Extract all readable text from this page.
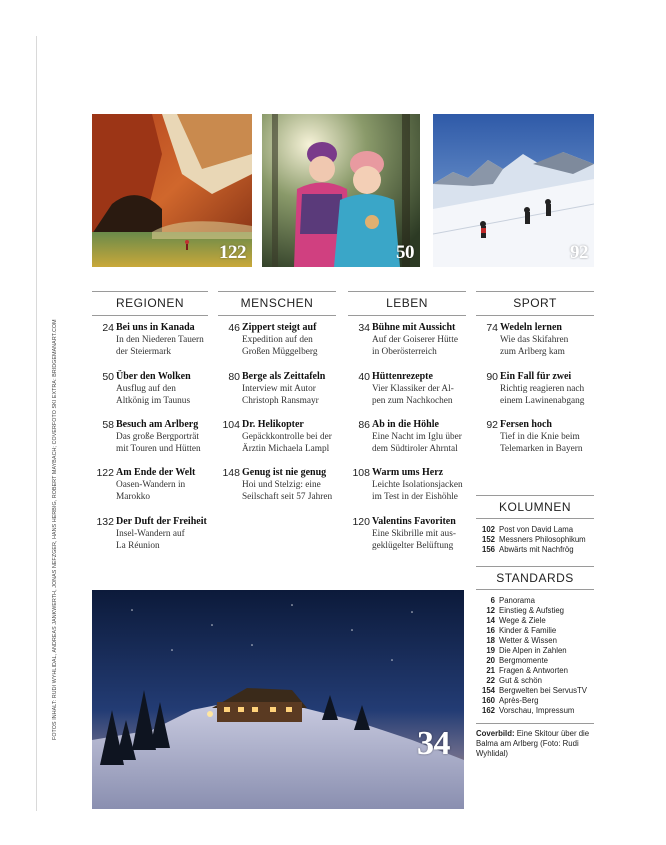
FOTOS INHALT: RUDI WYHLIDAL, ANDREAS JANKWERTH, JONAS NEFZGER, HANS HERBIG, ROBERT MAYBACH; COVERFOTO SKI EXTRA: BRIDGEMANART.COM
122	50	92
34
REGIONEN
24 Bei uns in Kanada
In den Niederen Tauern
der Steiermark
50 Über den Wolken
Ausflug auf den
Altkönig im Taunus
58 Besuch am Arlberg
Das große Bergporträt
mit Touren und Hütten
122 Am Ende der Welt
Oasen-Wandern in
Marokko
132 Der Duft der Freiheit
Insel-Wandern auf
La Réunion
MENSCHEN
46 Zippert steigt auf
Expedition auf den
Großen Müggelberg
80 Berge als Zeittafeln
Interview mit Autor
Christoph Ransmayr
104 Dr. Helikopter
Gepäckkontrolle bei der
Ärztin Michaela Lampl
148 Genug ist nie genug
Hoi und Stelzig: eine
Seilschaft seit 57 Jahren
LEBEN
34 Bühne mit Aussicht
Auf der Goiserer Hütte
in Oberösterreich
40 Hüttenrezepte
Vier Klassiker der Al-
pen zum Nachkochen
86 Ab in die Höhle
Eine Nacht im Iglu über
dem Südtiroler Ahrntal
108 Warm ums Herz
Leichte Isolationsjacken
im Test in der Eishöhle
120 Valentins Favoriten
Eine Skibrille mit aus-
geklügelter Belüftung
SPORT
74 Wedeln lernen
Wie das Skifahren
zum Arlberg kam
90 Ein Fall für zwei
Richtig reagieren nach
einem Lawinenabgang
92 Fersen hoch
Tief in die Knie beim
Telemarken in Bayern
KOLUMNEN
102 Post von David Lama
152 Messners Philosophikum
156 Abwärts mit Nachfrög
STANDARDS
6 Panorama
12 Einstieg & Aufstieg
14 Wege & Ziele
16 Kinder & Familie
18 Wetter & Wissen
19 Die Alpen in Zahlen
20 Bergmomente
21 Fragen & Antworten
22 Gut & schön
154 Bergwelten bei ServusTV
160 Après-Berg
162 Vorschau, Impressum
Coverbild: Eine Skitour über die Balma am Arlberg (Foto: Rudi Wyhlidal)
